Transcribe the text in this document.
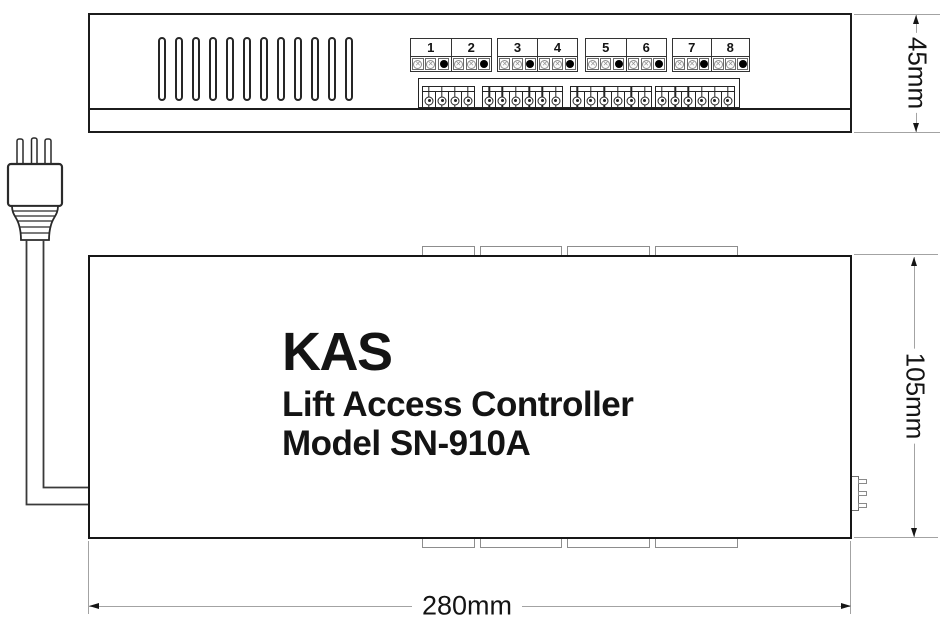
1
✕ ✕
2
✕ ✕
3
✕ ✕
4
✕ ✕
5
✕ ✕
6
✕ ✕
7
✕ ✕
8
✕ ✕	45mm
KAS
Lift Access Controller
Model SN-910A
105mm
280mm
